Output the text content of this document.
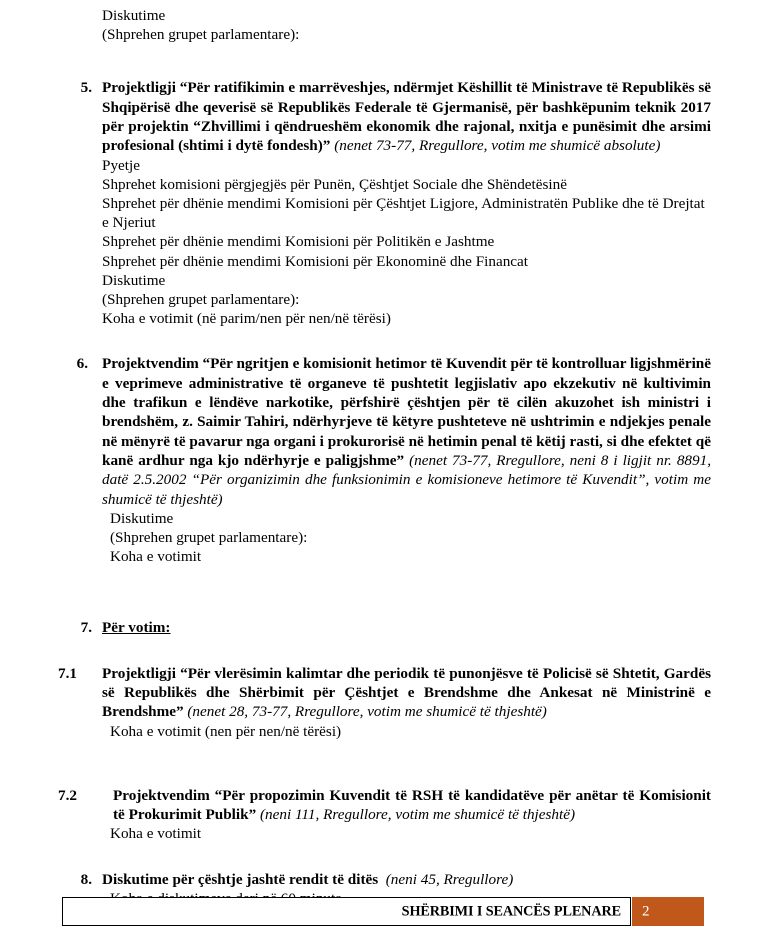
Diskutime

(Shprehen grupet parlamentare):

5. Projektligji “Për ratifikimin e marrëveshjes, ndërmjet Këshillit të Ministrave të Republikës së Shqipërisë dhe qeverisë së Republikës Federale të Gjermanisë, për bashkëpunim teknik 2017 për projektin “Zhvillimi i qëndrueshëm ekonomik dhe rajonal, nxitja e punësimit dhe arsimi profesional (shtimi i dytë fondesh)” (nenet 73-77, Rregullore, votim me shumicë absolute)

Pyetje

Shprehet komisioni përgjegjës për Punën, Çështjet Sociale dhe Shëndetësinë

Shprehet për dhënie mendimi Komisioni për Çështjet Ligjore, Administratën Publike dhe të Drejtat e Njeriut

Shprehet për dhënie mendimi Komisioni për Politikën e Jashtme

Shprehet për dhënie mendimi Komisioni për Ekonominë dhe Financat

Diskutime

(Shprehen grupet parlamentare):

Koha e votimit (në parim/nen për nen/në tërësi)

6. Projektvendim “Për ngritjen e komisionit hetimor të Kuvendit për të kontrolluar ligjshmërinë e veprimeve administrative të organeve të pushtetit legjislativ apo ekzekutiv në kultivimin dhe trafikun e lëndëve narkotike, përfshirë çështjen për të cilën akuzohet ish ministri i brendshëm, z. Saimir Tahiri, ndërhyrjeve të këtyre pushteteve në ushtrimin e ndjekjes penale në mënyrë të pavarur nga organi i prokurorisë në hetimin penal të këtij rasti, si dhe efektet që kanë ardhur nga kjo ndërhyrje e paligjshme” (nenet 73-77, Rregullore, neni 8 i ligjit nr. 8891, datë 2.5.2002 “Për organizimin dhe funksionimin e komisioneve hetimore të Kuvendit”, votim me shumicë të thjeshtë)

Diskutime

(Shprehen grupet parlamentare):

Koha e votimit

7. Për votim:

7.1	Projektligji “Për vlerësimin kalimtar dhe periodik të punonjësve të Policisë së Shtetit, Gardës së Republikës dhe Shërbimit për Çështjet e Brendshme dhe Ankesat në Ministrinë e Brendshme” (nenet 28, 73-77, Rregullore, votim me shumicë të thjeshtë)

Koha e votimit (nen për nen/në tërësi)

7.2	Projektvendim “Për propozimin Kuvendit të RSH të kandidatëve për anëtar të Komisionit të Prokurimit Publik” (neni 111, Rregullore, votim me shumicë të thjeshtë)

Koha e votimit

8. Diskutime për çështje jashtë rendit të ditës (neni 45, Rregullore)

SHËRBIMI I SEANCËS PLENARE 2
